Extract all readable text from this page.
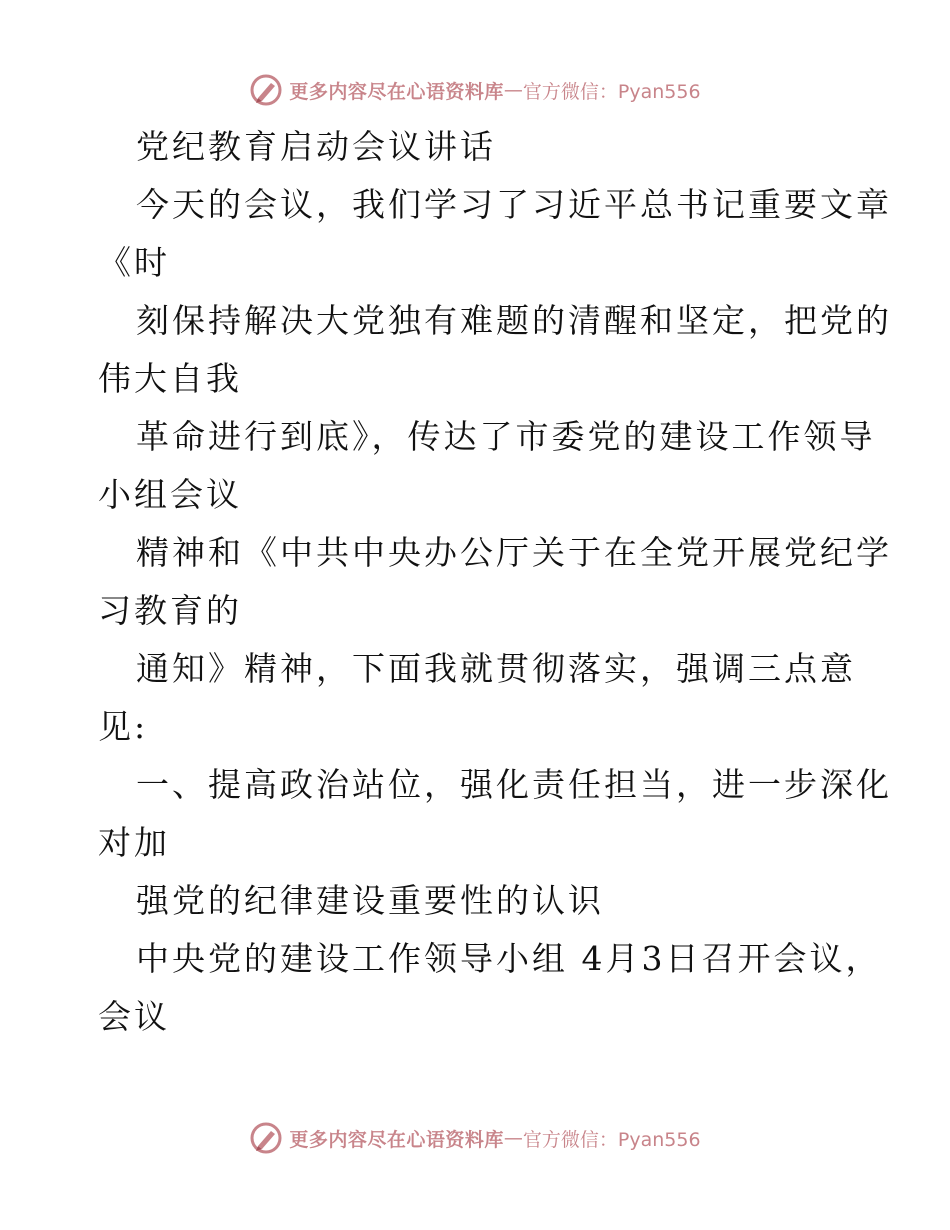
更多内容尽在心语资料库 — 官方微信：Pyan556
党纪教育启动会议讲话
今天的会议，我们学习了习近平总书记重要文章
《时
刻保持解决大党独有难题的清醒和坚定，把党的
伟大自我
革命进行到底》，传达了市委党的建设工作领导
小组会议
精神和《中共中央办公厅关于在全党开展党纪学
习教育的
通知》精神，下面我就贯彻落实，强调三点意
见:
一、提高政治站位，强化责任担当，进一步深化
对加
强党的纪律建设重要性的认识
中央党的建设工作领导小组 4月3日召开会议，
会议
更多内容尽在心语资料库 — 官方微信：Pyan556
